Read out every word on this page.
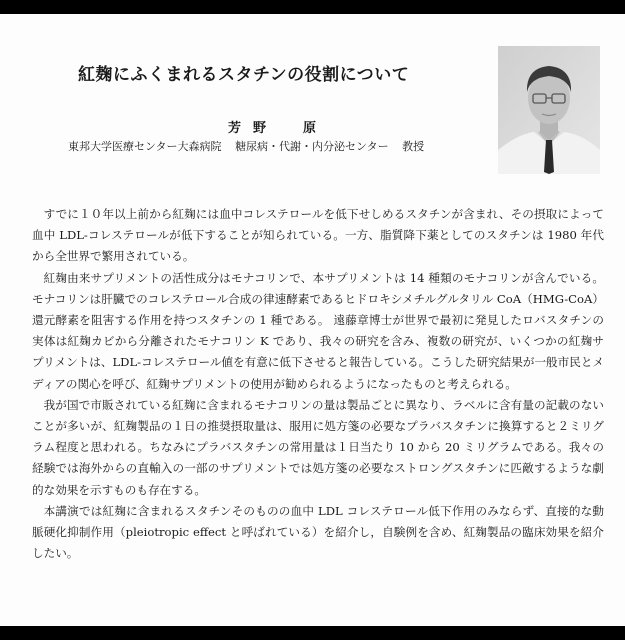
紅麹にふくまれるスタチンの役割について
芳野　原
東邦大学医療センター大森病院 糖尿病・代謝・内分泌センター 教授

すでに１０年以上前から紅麹には血中コレステロールを低下せしめるスタチンが含まれ、その摂取によって血中 LDL-コレステロールが低下することが知られている。一方、脂質降下薬としてのスタチンは 1980 年代から全世界で繁用されている。

紅麹由来サプリメントの活性成分はモナコリンで、本サプリメントは 14 種類のモナコリンが含んでいる。モナコリンは肝臓でのコレステロール合成の律速酵素であるヒドロキシメチルグルタリル CoA（HMG-CoA）還元酵素を阻害する作用を持つスタチンの 1 種である。 遠藤章博士が世界で最初に発見したロバスタチンの実体は紅麹カビから分離されたモナコリン K であり、我々の研究を含み、複数の研究が、いくつかの紅麹サプリメントは、LDL-コレステロール値を有意に低下させると報告している。こうした研究結果が一般市民とメディアの関心を呼び、紅麹サプリメントの使用が勧められるようになったものと考えられる。

我が国で市販されている紅麹に含まれるモナコリンの量は製品ごとに異なり、ラベルに含有量の記載のないことが多いが、紅麹製品の１日の推奨摂取量は、服用に処方箋の必要なプラバスタチンに換算すると２ミリグラム程度と思われる。ちなみにプラバスタチンの常用量は１日当たり 10 から 20 ミリグラムである。我々の経験では海外からの直輸入の一部のサプリメントでは処方箋の必要なストロングスタチンに匹敵するような劇的な効果を示すものも存在する。

本講演では紅麹に含まれるスタチンそのものの血中 LDL コレステロール低下作用のみならず、直接的な動脈硬化抑制作用（pleiotropic effect と呼ばれている）を紹介し，自験例を含め、紅麹製品の臨床効果を紹介したい。
